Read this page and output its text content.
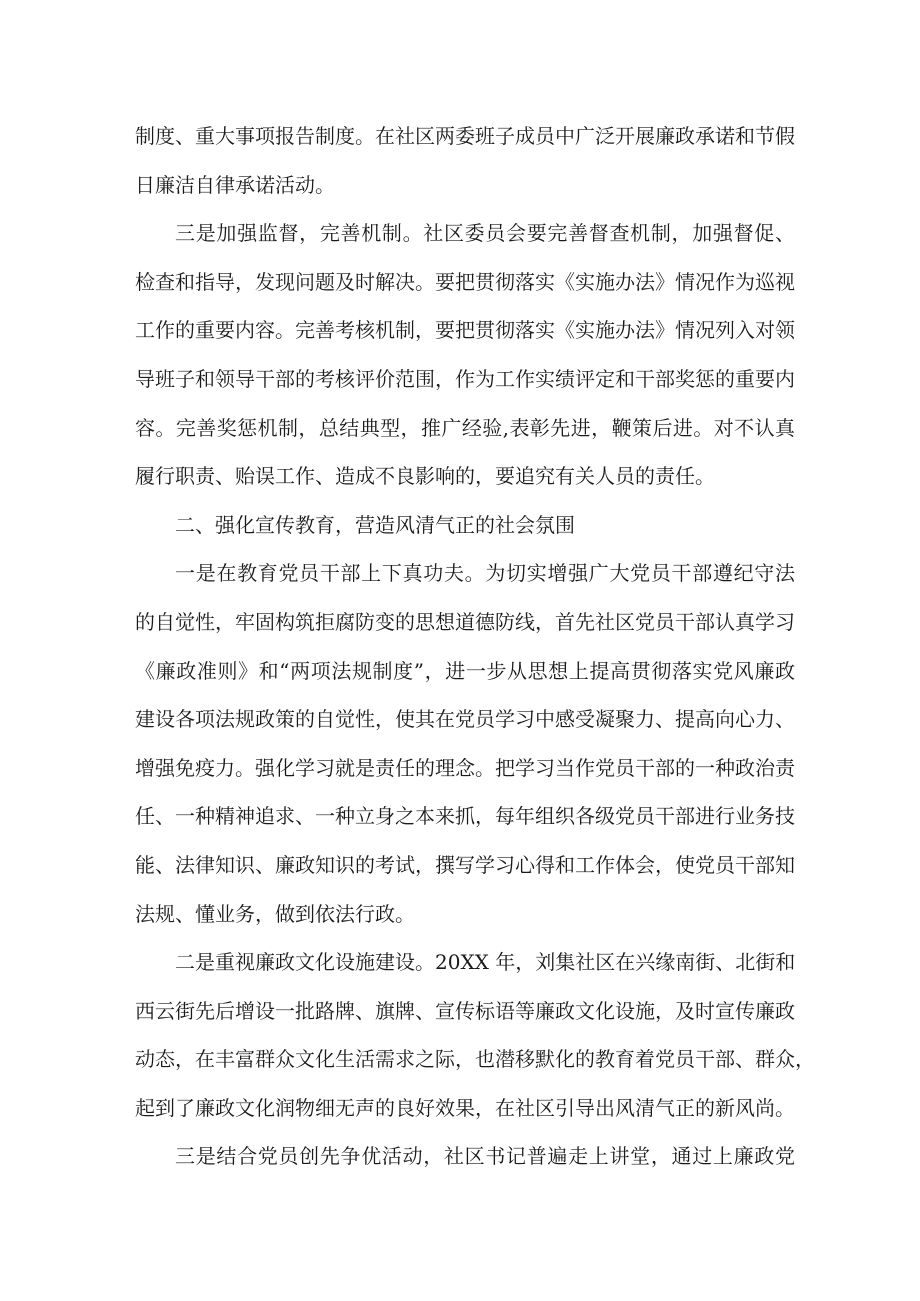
制度、重大事项报告制度。在社区两委班子成员中广泛开展廉政承诺和节假
日廉洁自律承诺活动。
三是加强监督，完善机制。社区委员会要完善督查机制，加强督促、
检查和指导，发现问题及时解决。要把贯彻落实《实施办法》情况作为巡视
工作的重要内容。完善考核机制，要把贯彻落实《实施办法》情况列入对领
导班子和领导干部的考核评价范围，作为工作实绩评定和干部奖惩的重要内
容。完善奖惩机制，总结典型，推广经验,表彰先进，鞭策后进。对不认真
履行职责、贻误工作、造成不良影响的，要追究有关人员的责任。
二、强化宣传教育，营造风清气正的社会氛围
一是在教育党员干部上下真功夫。为切实增强广大党员干部遵纪守法
的自觉性，牢固构筑拒腐防变的思想道德防线，首先社区党员干部认真学习
《廉政准则》和“两项法规制度”，进一步从思想上提高贯彻落实党风廉政
建设各项法规政策的自觉性，使其在党员学习中感受凝聚力、提高向心力、
增强免疫力。强化学习就是责任的理念。把学习当作党员干部的一种政治责
任、一种精神追求、一种立身之本来抓，每年组织各级党员干部进行业务技
能、法律知识、廉政知识的考试，撰写学习心得和工作体会，使党员干部知
法规、懂业务，做到依法行政。
二是重视廉政文化设施建设。20XX 年，刘集社区在兴缘南街、北街和
西云街先后增设一批路牌、旗牌、宣传标语等廉政文化设施，及时宣传廉政
动态，在丰富群众文化生活需求之际，也潜移默化的教育着党员干部、群众，
起到了廉政文化润物细无声的良好效果，在社区引导出风清气正的新风尚。
三是结合党员创先争优活动，社区书记普遍走上讲堂，通过上廉政党
